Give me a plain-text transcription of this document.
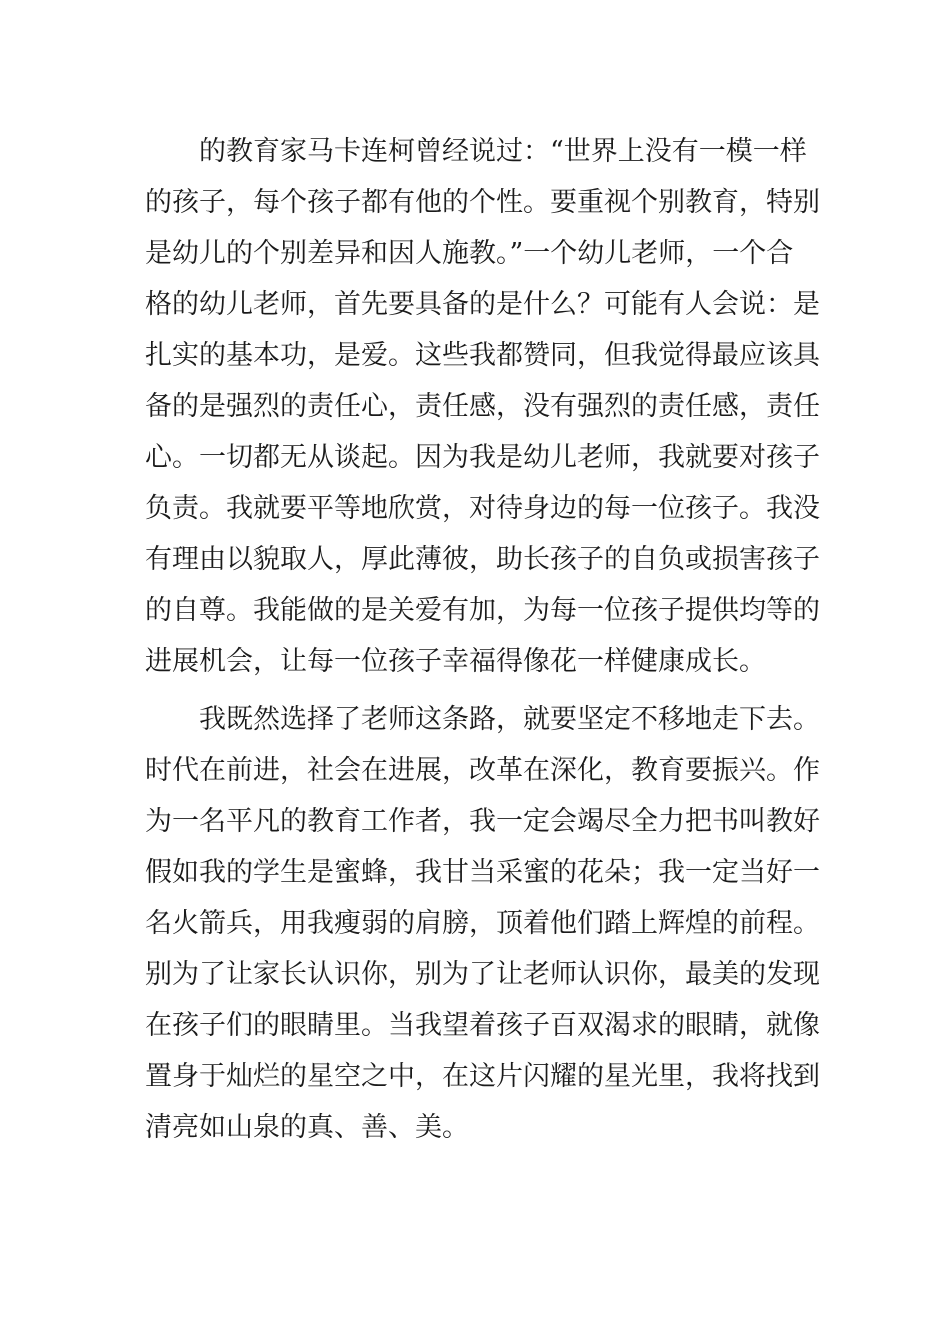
的教育家马卡连柯曾经说过：“世界上没有一模一样
的孩子，每个孩子都有他的个性。要重视个别教育，特别
是幼儿的个别差异和因人施教。”一个幼儿老师，一个合
格的幼儿老师，首先要具备的是什么？可能有人会说：是
扎实的基本功，是爱。这些我都赞同，但我觉得最应该具
备的是强烈的责任心，责任感，没有强烈的责任感，责任
心。一切都无从谈起。因为我是幼儿老师，我就要对孩子
负责。我就要平等地欣赏，对待身边的每一位孩子。我没
有理由以貌取人，厚此薄彼，助长孩子的自负或损害孩子
的自尊。我能做的是关爱有加，为每一位孩子提供均等的
进展机会，让每一位孩子幸福得像花一样健康成长。
我既然选择了老师这条路，就要坚定不移地走下去。
时代在前进，社会在进展，改革在深化，教育要振兴。作
为一名平凡的教育工作者，我一定会竭尽全力把书叫教好
假如我的学生是蜜蜂，我甘当采蜜的花朵；我一定当好一
名火箭兵，用我瘦弱的肩膀，顶着他们踏上辉煌的前程。
别为了让家长认识你，别为了让老师认识你，最美的发现
在孩子们的眼睛里。当我望着孩子百双渴求的眼睛，就像
置身于灿烂的星空之中，在这片闪耀的星光里，我将找到
清亮如山泉的真、善、美。
